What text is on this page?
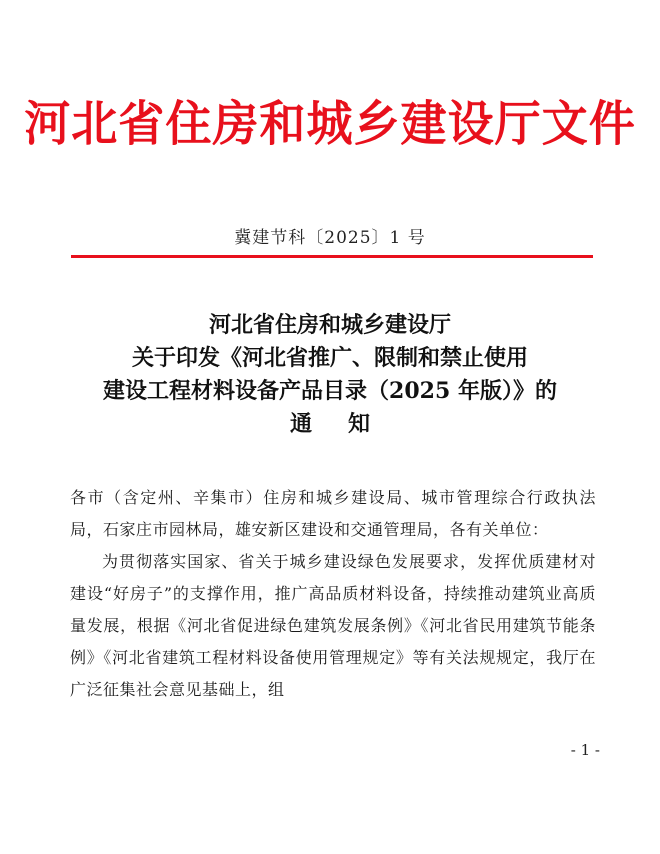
河北省住房和城乡建设厅文件
冀建节科〔2025〕1 号
河北省住房和城乡建设厅
关于印发《河北省推广、限制和禁止使用
建设工程材料设备产品目录（2025 年版）》的
通知

各市（含定州、辛集市）住房和城乡建设局、城市管理综合行政执法局，石家庄市园林局，雄安新区建设和交通管理局，各有关单位：

为贯彻落实国家、省关于城乡建设绿色发展要求，发挥优质建材对建设“好房子”的支撑作用，推广高品质材料设备，持续推动建筑业高质量发展，根据《河北省促进绿色建筑发展条例》《河北省民用建筑节能条例》《河北省建筑工程材料设备使用管理规定》等有关法规规定，我厅在广泛征集社会意见基础上，组

- 1 -
